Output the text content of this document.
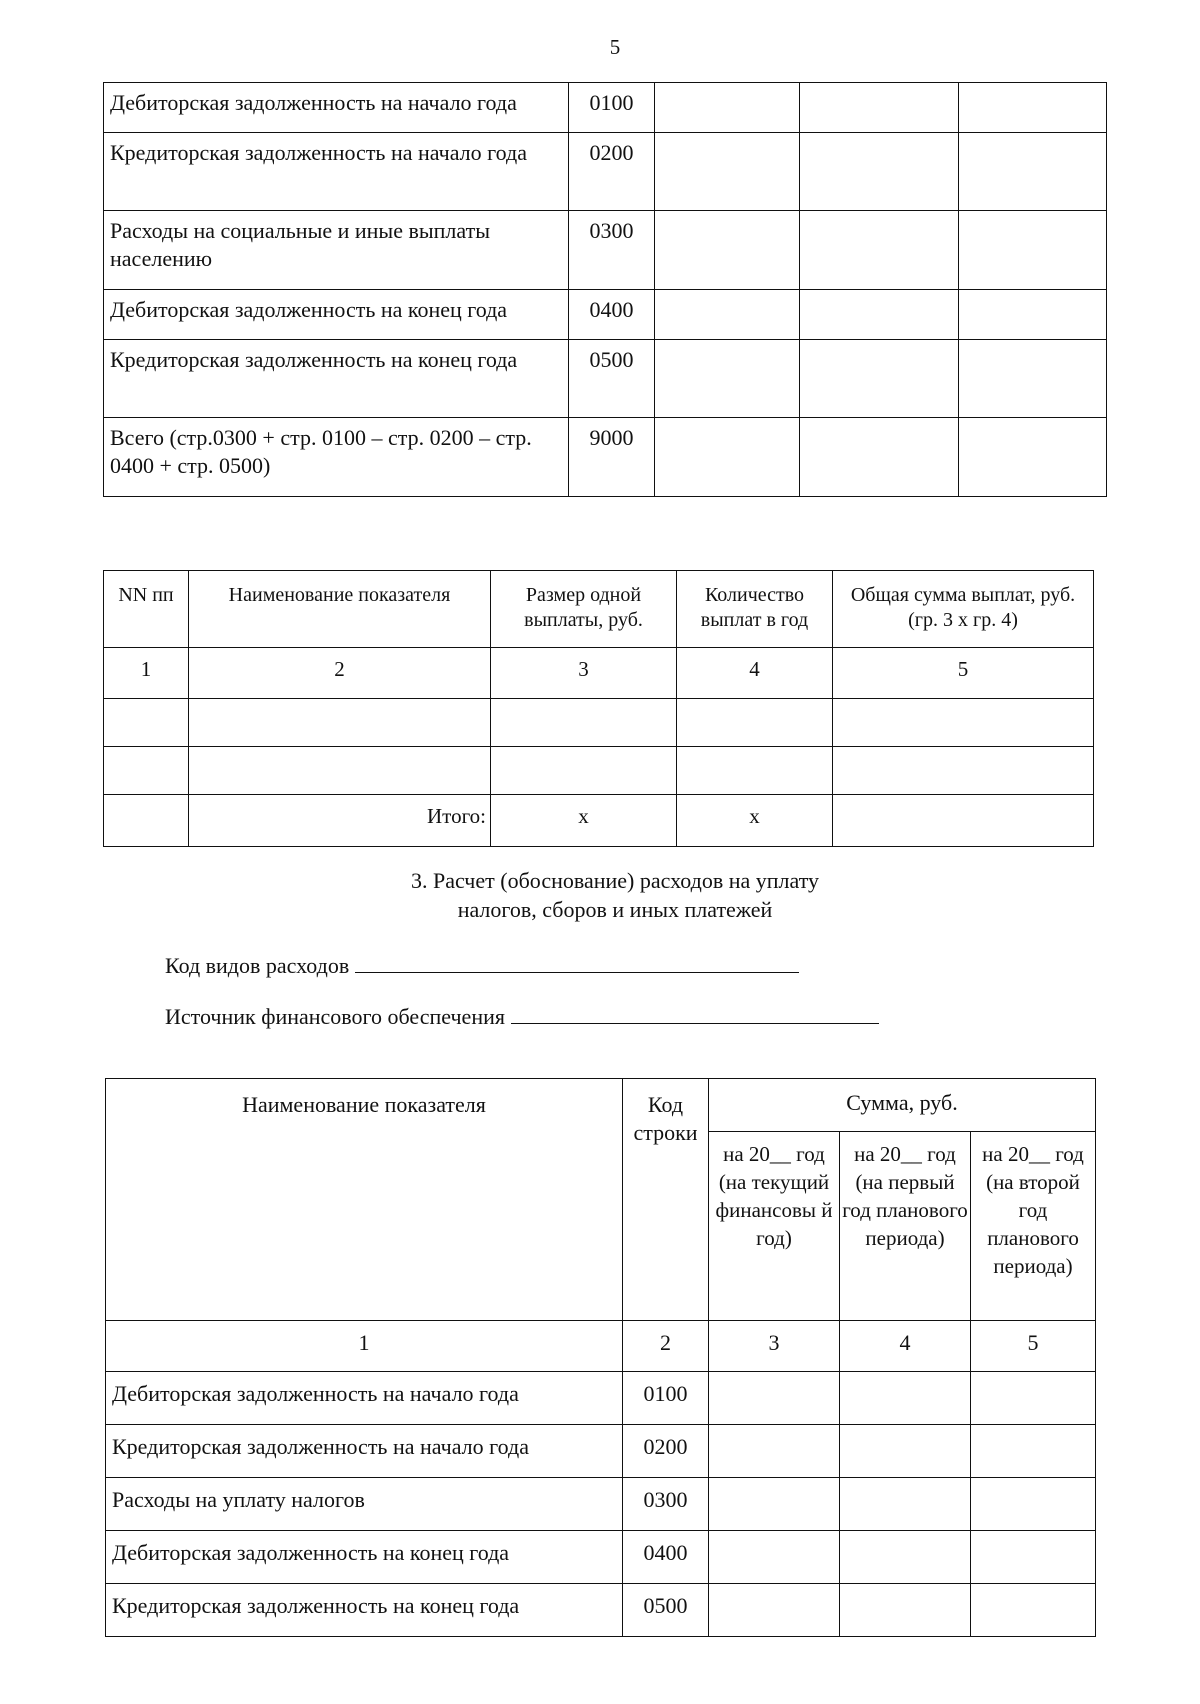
5
Дебиторская задолженность на начало года	0100			
Кредиторская задолженность на начало года	0200			
Расходы на социальные и иные выплаты населению	0300			
Дебиторская задолженность на конец года	0400			
Кредиторская задолженность на конец года	0500			
Всего (стр.0300 + стр. 0100 – стр. 0200 – стр. 0400 + стр. 0500)	9000			
NN пп	Наименование показателя	Размер одной выплаты, руб.	Количество выплат в год	Общая сумма выплат, руб. (гр. 3 x гр. 4)
1	2	3	4	5

	Итого:	x	x	
3. Расчет (обоснование) расходов на уплату
налогов, сборов и иных платежей
Код видов расходов
Источник финансового обеспечения
Наименование показателя	Код строки	Сумма, руб.		
		на 20__ год (на текущий финансовы й год)	на 20__ год (на первый год планового периода)	на 20__ год (на второй год планового периода)
1	2	3	4	5
Дебиторская задолженность на начало года	0100			
Кредиторская задолженность на начало года	0200			
Расходы на уплату налогов	0300			
Дебиторская задолженность на конец года	0400			
Кредиторская задолженность на конец года	0500			
